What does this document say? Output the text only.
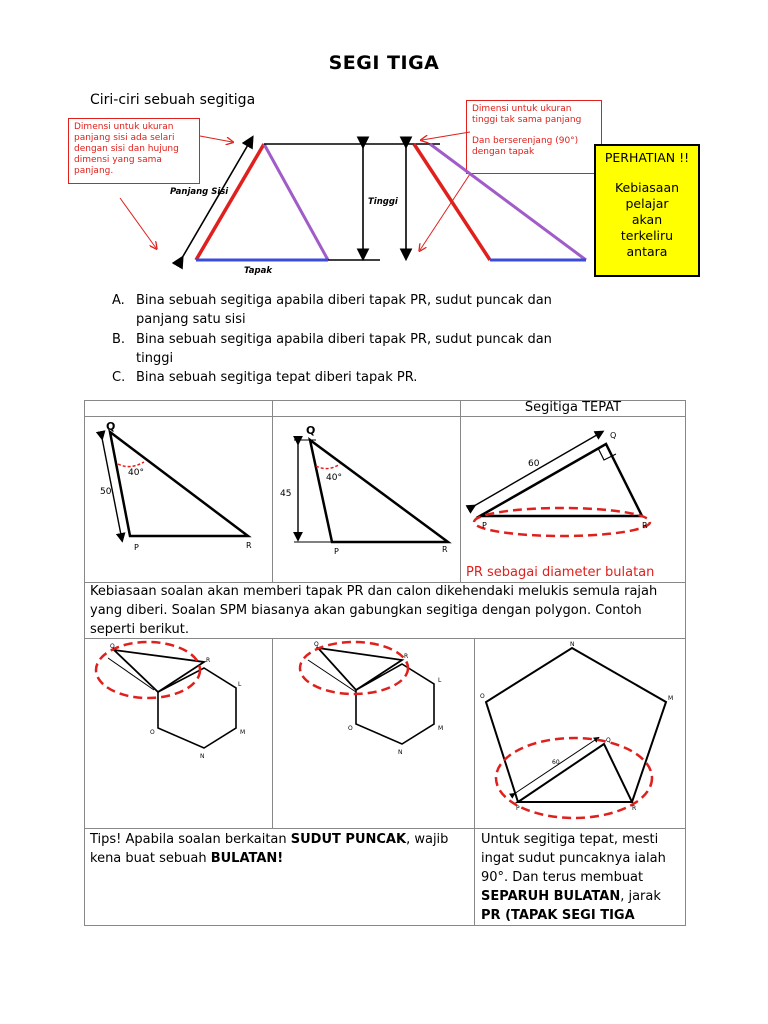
SEGI TIGA
Ciri-ciri sebuah segitiga
Dimensi untuk ukuran panjang sisi ada selari dengan sisi dan hujung dimensi yang sama panjang.
Dimensi untuk ukuran tinggi tak sama panjang
Dan berserenjang (90°) dengan tapak
Panjang Sisi
Tinggi
Tapak
PERHATIAN !!
Kebiasaan
pelajar
akan
terkeliru
antara
A. Bina sebuah segitiga apabila diberi tapak PR, sudut puncak dan
panjang satu sisi
B. Bina sebuah segitiga apabila diberi tapak PR, sudut puncak dan
tinggi
C. Bina sebuah segitiga tepat diberi tapak PR.
Segitiga TEPAT
Q
40°
50
P	R
Q
40°
45
P	R
60
Q
P	R
PR sebagai diameter bulatan
Kebiasaan soalan akan memberi tapak PR dan calon dikehendaki melukis semula rajah yang diberi. Soalan SPM biasanya akan gabungkan segitiga dengan polygon. Contoh seperti berikut.
Q
R
L
M
N
O
Q
R
L
M
N
O
N
M
O
60
Q
P	R
Tips! Apabila soalan berkaitan SUDUT PUNCAK, wajib kena buat sebuah BULATAN!
Untuk segitiga tepat, mesti ingat sudut puncaknya ialah 90°. Dan terus membuat SEPARUH BULATAN, jarak PR (TAPAK SEGI TIGA
